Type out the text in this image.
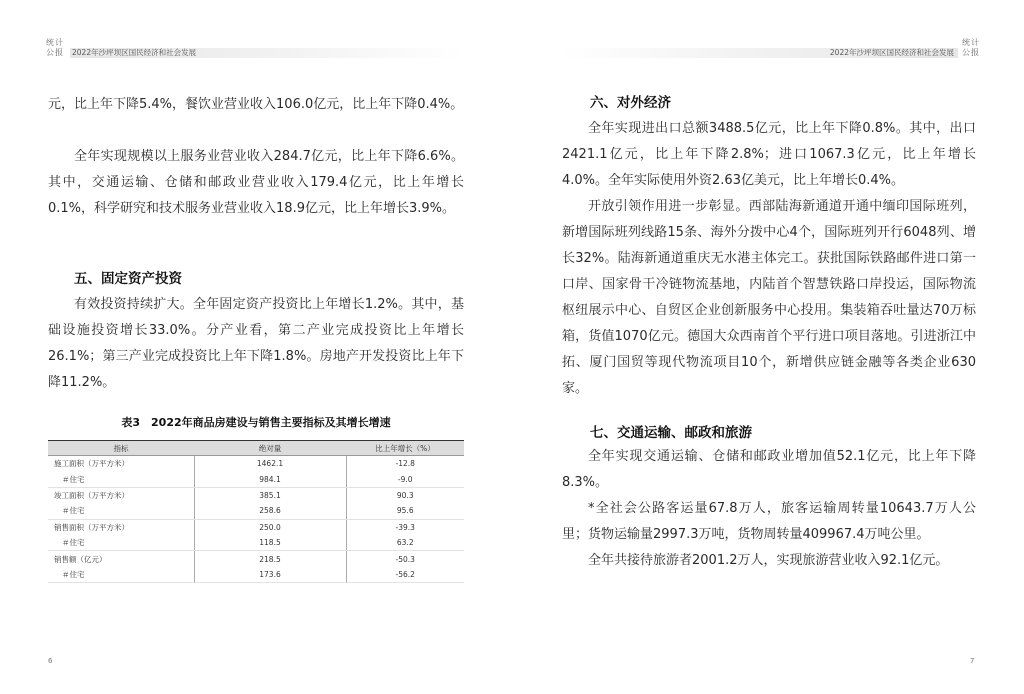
统计公报 2022年沙坪坝区国民经济和社会发展
元，比上年下降5.4%，餐饮业营业收入106.0亿元，比上年下降0.4%。
全年实现规模以上服务业营业收入284.7亿元，比上年下降6.6%。其中，交通运输、仓储和邮政业营业收入179.4亿元，比上年增长0.1%，科学研究和技术服务业营业收入18.9亿元，比上年增长3.9%。
五、固定资产投资
有效投资持续扩大。全年固定资产投资比上年增长1.2%。其中，基础设施投资增长33.0%。分产业看，第二产业完成投资比上年增长26.1%；第三产业完成投资比上年下降1.8%。房地产开发投资比上年下降11.2%。
表3　2022年商品房建设与销售主要指标及其增长增速
指标	绝对量	比上年增长（%）
施工面积（万平方米）	1462.1	-12.8
＃住宅	984.1	-9.0
竣工面积（万平方米）	385.1	90.3
＃住宅	258.6	95.6
销售面积（万平方米）	250.0	-39.3
＃住宅	118.5	63.2
销售额（亿元）	218.5	-50.3
＃住宅	173.6	-56.2
6
2022年沙坪坝区国民经济和社会发展
统计公报
六、对外经济
全年实现进出口总额3488.5亿元，比上年下降0.8%。其中，出口2421.1亿元，比上年下降2.8%；进口1067.3亿元，比上年增长4.0%。全年实际使用外资2.63亿美元，比上年增长0.4%。
开放引领作用进一步彰显。西部陆海新通道开通中缅印国际班列，新增国际班列线路15条、海外分拨中心4个，国际班列开行6048列、增长32%。陆海新通道重庆无水港主体完工。获批国际铁路邮件进口第一口岸、国家骨干冷链物流基地，内陆首个智慧铁路口岸投运，国际物流枢纽展示中心、自贸区企业创新服务中心投用。集装箱吞吐量达70万标箱，货值1070亿元。德国大众西南首个平行进口项目落地。引进浙江中拓、厦门国贸等现代物流项目10个，新增供应链金融等各类企业630家。
七、交通运输、邮政和旅游
全年实现交通运输、仓储和邮政业增加值52.1亿元，比上年下降8.3%。
*全社会公路客运量67.8万人，旅客运输周转量10643.7万人公里；货物运输量2997.3万吨，货物周转量409967.4万吨公里。
全年共接待旅游者2001.2万人，实现旅游营业收入92.1亿元。
7
